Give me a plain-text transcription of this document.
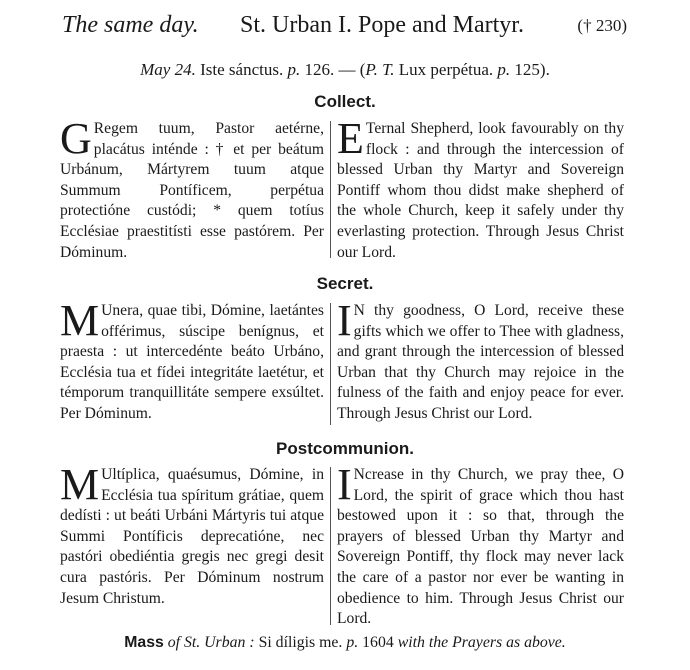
The same day. St. Urban I. Pope and Martyr.	(† 230)
May 24. Iste sánctus. p. 126. — (P. T. Lux perpétua. p. 125).
Collect.

G Regem tuum, Pastor aetérne, placátus inténde : † et per beátum Urbánum, Mártyrem tuum atque Summum Pontíficem, perpétua protectióne custódi; * quem totíus Ecclésiae praestitísti esse pastórem. Per Dóminum.

E Ternal Shepherd, look favourably on thy flock : and through the intercession of blessed Urban thy Martyr and Sovereign Pontiff whom thou didst make shepherd of the whole Church, keep it safely under thy everlasting protection. Through Jesus Christ our Lord.

Secret.

M Unera, quae tibi, Dómine, laetántes offérimus, súscipe benígnus, et praesta : ut intercedénte beáto Urbáno, Ecclésia tua et fídei integritáte laetétur, et témporum tranquillitáte sempere exsúltet. Per Dóminum.

I N thy goodness, O Lord, receive these gifts which we offer to Thee with gladness, and grant through the intercession of blessed Urban that thy Church may rejoice in the fulness of the faith and enjoy peace for ever. Through Jesus Christ our Lord.

Postcommunion.

M Ultíplica, quaésumus, Dómine, in Ecclésia tua spíritum grátiae, quem dedísti : ut beáti Urbáni Mártyris tui atque Summi Pontíficis deprecatióne, nec pastóri obediéntia gregis nec gregi desit cura pastóris. Per Dóminum nostrum Jesum Christum.

I Ncrease in thy Church, we pray thee, O Lord, the spirit of grace which thou hast bestowed upon it : so that, through the prayers of blessed Urban thy Martyr and Sovereign Pontiff, thy flock may never lack the care of a pastor nor ever be wanting in obedience to him. Through Jesus Christ our Lord.

Mass of St. Urban : Si díligis me. p. 1604 with the Prayers as above.
